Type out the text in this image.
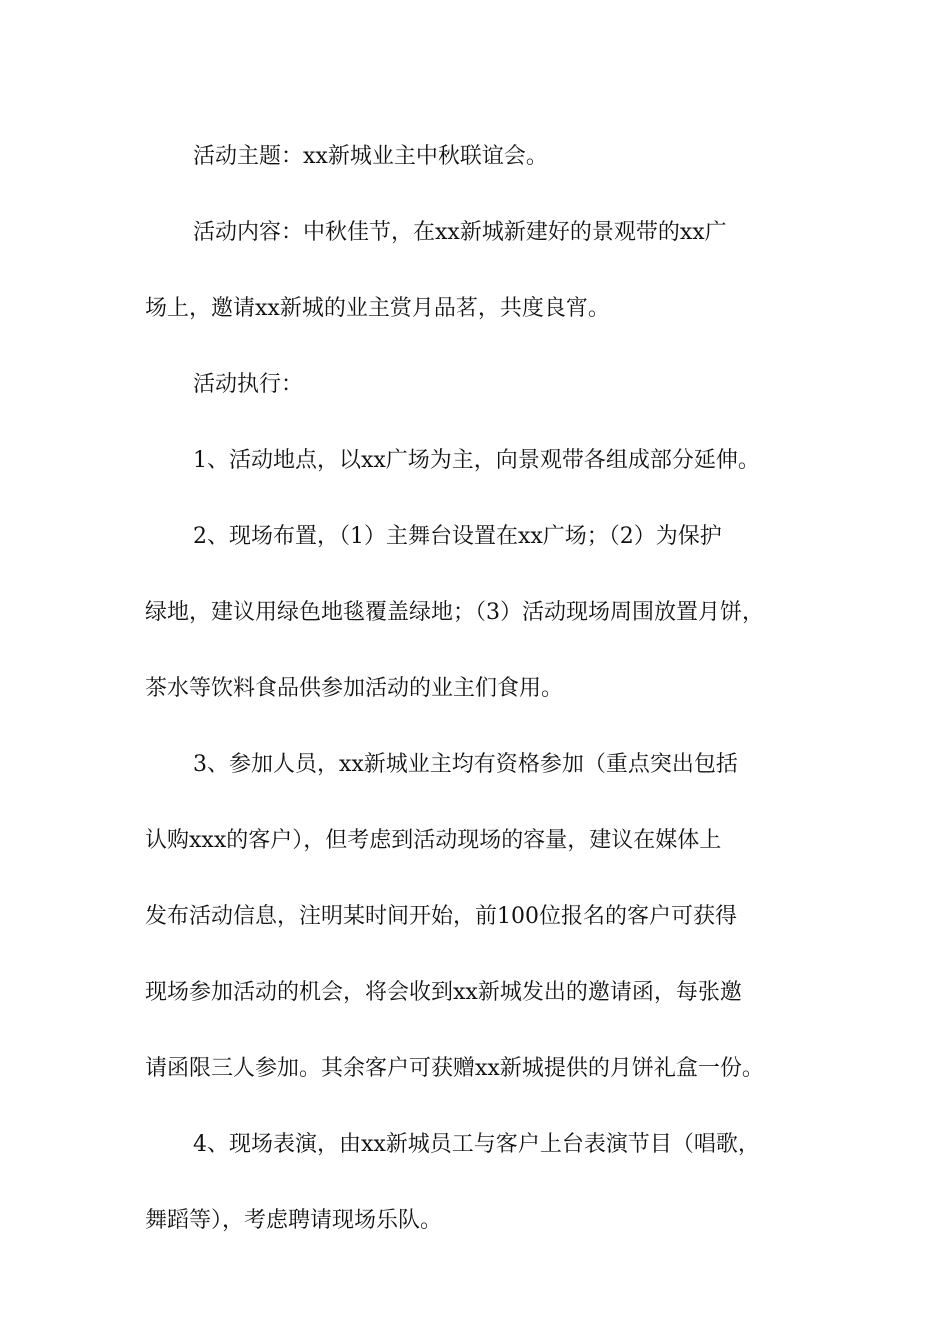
活动主题：xx新城业主中秋联谊会。
活动内容：中秋佳节，在xx新城新建好的景观带的xx广
场上，邀请xx新城的业主赏月品茗，共度良宵。
活动执行：
1、活动地点，以xx广场为主，向景观带各组成部分延伸。
2、现场布置，（1）主舞台设置在xx广场；（2）为保护
绿地，建议用绿色地毯覆盖绿地；（3）活动现场周围放置月饼，
茶水等饮料食品供参加活动的业主们食用。
3、参加人员，xx新城业主均有资格参加（重点突出包括
认购xxx的客户），但考虑到活动现场的容量，建议在媒体上
发布活动信息，注明某时间开始，前100位报名的客户可获得
现场参加活动的机会，将会收到xx新城发出的邀请函，每张邀
请函限三人参加。其余客户可获赠xx新城提供的月饼礼盒一份。
4、现场表演，由xx新城员工与客户上台表演节目（唱歌，
舞蹈等），考虑聘请现场乐队。
